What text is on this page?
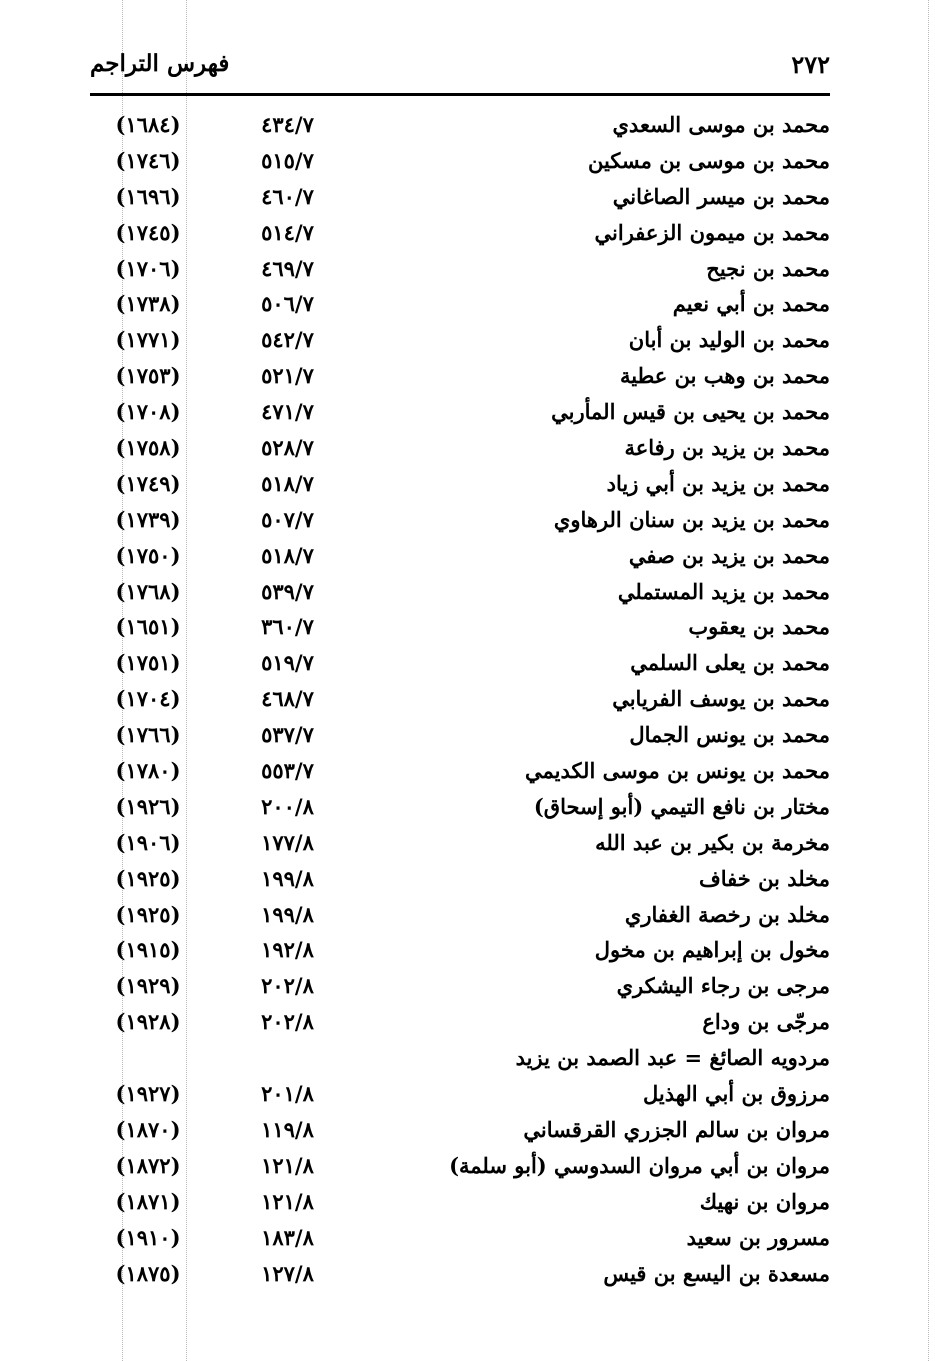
فهرس التراجم	٢٧٢
محمد بن موسى السعدي
٤٣٤/٧
(١٦٨٤)
محمد بن موسى بن مسكين
٥١٥/٧
(١٧٤٦)
محمد بن ميسر الصاغاني
٤٦٠/٧
(١٦٩٦)
محمد بن ميمون الزعفراني
٥١٤/٧
(١٧٤٥)
محمد بن نجيح
٤٦٩/٧
(١٧٠٦)
محمد بن أبي نعيم
٥٠٦/٧
(١٧٣٨)
محمد بن الوليد بن أبان
٥٤٢/٧
(١٧٧١)
محمد بن وهب بن عطية
٥٢١/٧
(١٧٥٣)
محمد بن يحيى بن قيس المأربي
٤٧١/٧
(١٧٠٨)
محمد بن يزيد بن رفاعة
٥٢٨/٧
(١٧٥٨)
محمد بن يزيد بن أبي زياد
٥١٨/٧
(١٧٤٩)
محمد بن يزيد بن سنان الرهاوي
٥٠٧/٧
(١٧٣٩)
محمد بن يزيد بن صفي
٥١٨/٧
(١٧٥٠)
محمد بن يزيد المستملي
٥٣٩/٧
(١٧٦٨)
محمد بن يعقوب
٣٦٠/٧
(١٦٥١)
محمد بن يعلى السلمي
٥١٩/٧
(١٧٥١)
محمد بن يوسف الفريابي
٤٦٨/٧
(١٧٠٤)
محمد بن يونس الجمال
٥٣٧/٧
(١٧٦٦)
محمد بن يونس بن موسى الكديمي
٥٥٣/٧
(١٧٨٠)
مختار بن نافع التيمي (أبو إسحاق)
٢٠٠/٨
(١٩٢٦)
مخرمة بن بكير بن عبد الله
١٧٧/٨
(١٩٠٦)
مخلد بن خفاف
١٩٩/٨
(١٩٢٥)
مخلد بن رخصة الغفاري
١٩٩/٨
(١٩٢٥)
مخول بن إبراهيم بن مخول
١٩٢/٨
(١٩١٥)
مرجى بن رجاء اليشكري
٢٠٢/٨
(١٩٢٩)
مرجّى بن وداع
٢٠٢/٨
(١٩٢٨)
مردويه الصائغ = عبد الصمد بن يزيد
مرزوق بن أبي الهذيل
٢٠١/٨
(١٩٢٧)
مروان بن سالم الجزري القرقساني
١١٩/٨
(١٨٧٠)
مروان بن أبي مروان السدوسي (أبو سلمة)
١٢١/٨
(١٨٧٢)
مروان بن نهيك
١٢١/٨
(١٨٧١)
مسرور بن سعيد
١٨٣/٨
(١٩١٠)
مسعدة بن اليسع بن قيس
١٢٧/٨
(١٨٧٥)
